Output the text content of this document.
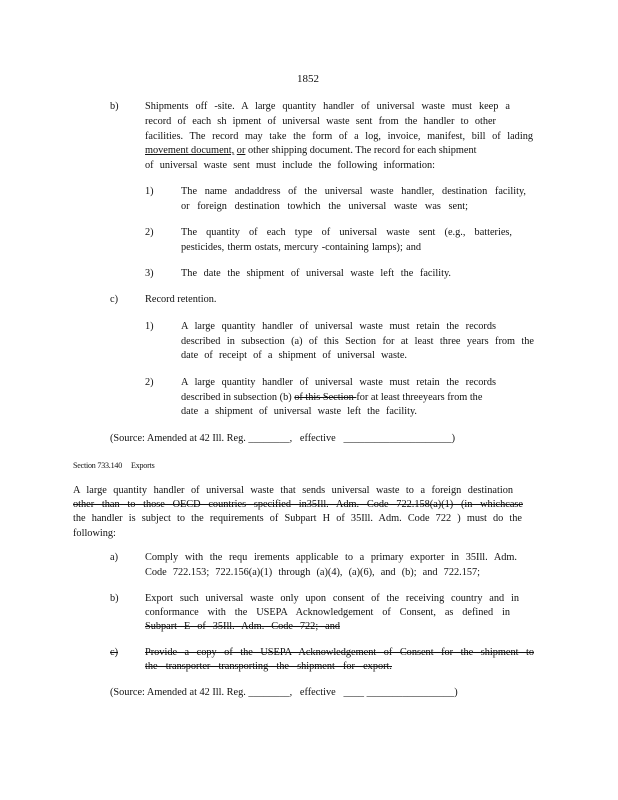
1852
b)	Shipments off -site. A large quantity handler of universal waste must keep a
record of each sh ipment of universal waste sent from the handler to other
facilities. The record may take the form of a log, invoice, manifest, bill of lading
movement document, or other shipping document. The record for each shipment
of universal waste sent must include the following information:
1)	The name andaddress of the universal waste handler, destination facility,
or foreign destination towhich the universal waste was sent;
2)	The quantity of each type of universal waste sent (e.g., batteries,
pesticides, therm ostats, mercury -containing lamps); and
3)	The date the shipment of universal waste left the facility.
c)	Record retention.
1)	A large quantity handler of universal waste must retain the records
described in subsection (a) of this Section for at least three years from the
date of receipt of a shipment of universal waste.
2)	A large quantity handler of universal waste must retain the records
described in subsection (b) of this Section for at least threeyears from the
date a shipment of universal waste left the facility.
(Source: Amended at 42 Ill. Reg. ________, effective _____________________)
Section 733.140 Exports
A large quantity handler of universal waste that sends universal waste to a foreign destination
other than to those OECD countries specified in35Ill. Adm. Code 722.158(a)(1) (in whichcase
the handler is subject to the requirements of Subpart H of 35Ill. Adm. Code 722 ) must do the
following:
a)	Comply with the requ irements applicable to a primary exporter in 35Ill. Adm.
Code 722.153; 722.156(a)(1) through (a)(4), (a)(6), and (b); and 722.157;
b)	Export such universal waste only upon consent of the receiving country and in
conformance with the USEPA Acknowledgement of Consent, as defined in
Subpart E of 35Ill. Adm. Code 722; and
c)	Provide a copy of the USEPA Acknowledgement of Consent for the shipment to
the transporter transporting the shipment for export.
(Source: Amended at 42 Ill. Reg. ________, effective ____ _________________)
